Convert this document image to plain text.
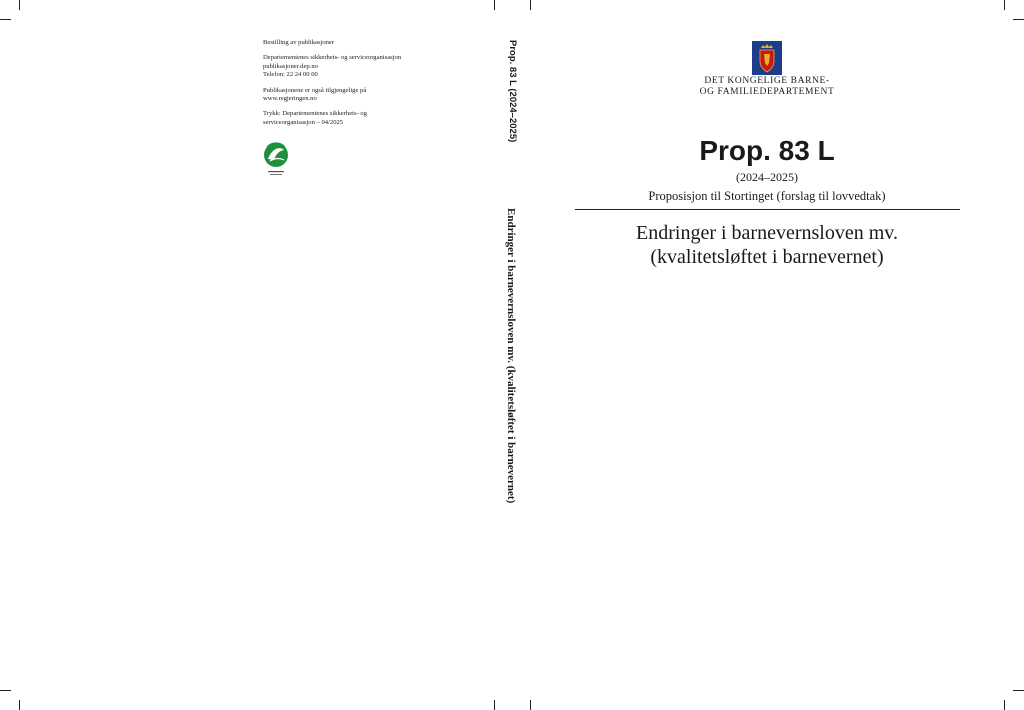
Bestilling av publikasjoner

Departementenes sikkerhets- og serviceorganisasjon
publikasjoner.dep.no
Telefon: 22 24 00 00

Publikasjonene er også tilgjengelige på
www.regjeringen.no

Trykk: Departementenes sikkerhets- og
serviceorganisasjon – 04/2025	Prop. 83 L (2024–2025)
Endringer i barnevernsloven mv. (kvalitetsløftet i barnevernet)
DET KONGELIGE BARNE-
OG FAMILIEDEPARTEMENT
Prop. 83 L
(2024–2025)
Proposisjon til Stortinget (forslag til lovvedtak)
Endringer i barnevernsloven mv.
(kvalitetsløftet i barnevernet)
